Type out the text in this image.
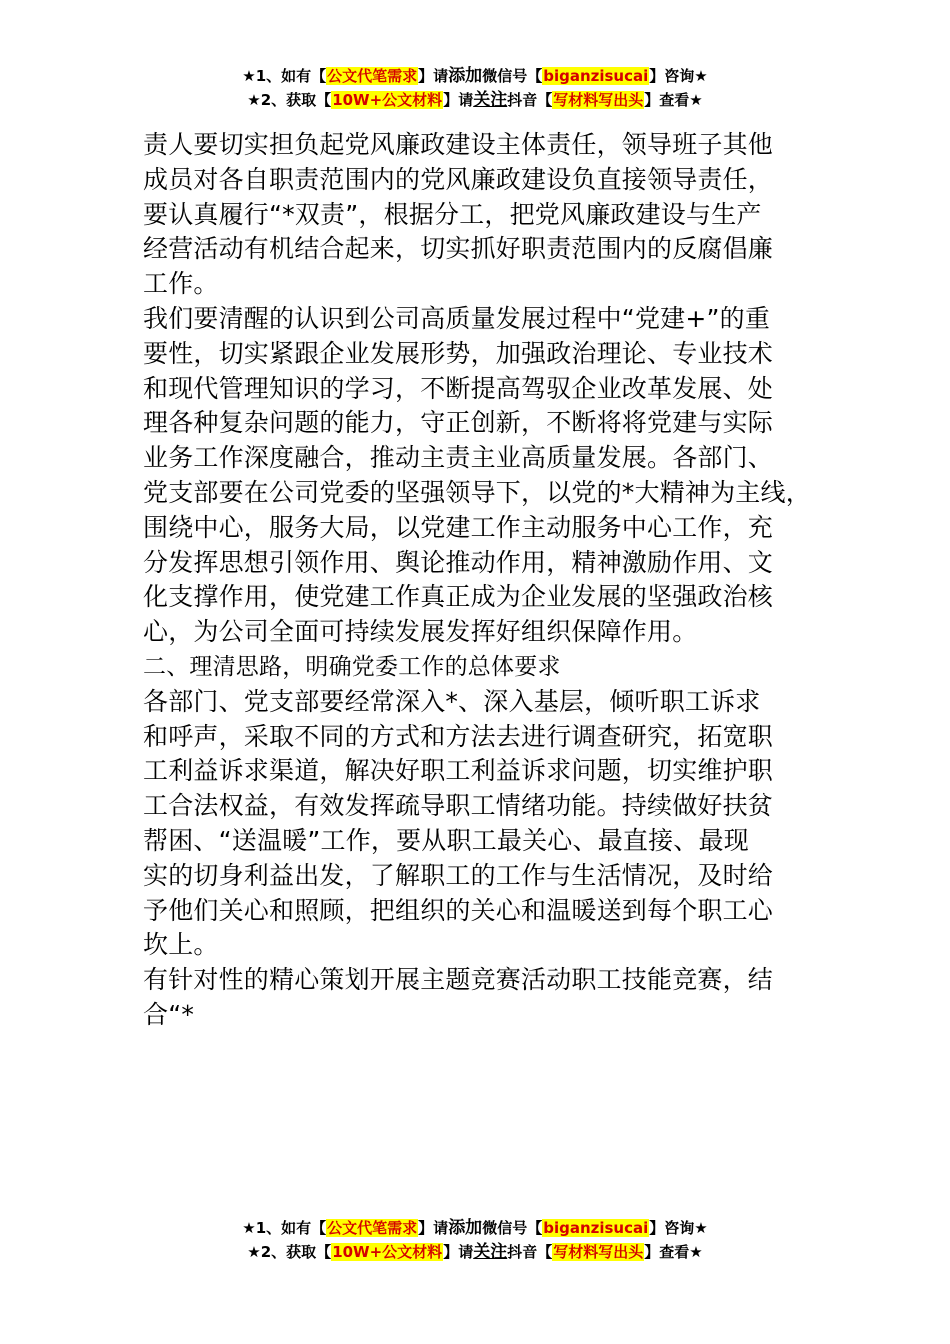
★1、如有【公文代笔需求】请添加微信号【biganzisucai】咨询★
★2、获取【10W+公文材料】请关注抖音【写材料写出头】查看★
责人要切实担负起党风廉政建设主体责任，领导班子其他
成员对各自职责范围内的党风廉政建设负直接领导责任，
要认真履行“*双责”，根据分工，把党风廉政建设与生产
经营活动有机结合起来，切实抓好职责范围内的反腐倡廉
工作。
我们要清醒的认识到公司高质量发展过程中“党建+”的重
要性，切实紧跟企业发展形势，加强政治理论、专业技术
和现代管理知识的学习，不断提高驾驭企业改革发展、处
理各种复杂问题的能力，守正创新，不断将将党建与实际
业务工作深度融合，推动主责主业高质量发展。各部门、
党支部要在公司党委的坚强领导下，以党的*大精神为主线，
围绕中心，服务大局，以党建工作主动服务中心工作，充
分发挥思想引领作用、舆论推动作用，精神激励作用、文
化支撑作用，使党建工作真正成为企业发展的坚强政治核
心，为公司全面可持续发展发挥好组织保障作用。
二、理清思路，明确党委工作的总体要求
各部门、党支部要经常深入*、深入基层，倾听职工诉求
和呼声，采取不同的方式和方法去进行调查研究，拓宽职
工利益诉求渠道，解决好职工利益诉求问题，切实维护职
工合法权益，有效发挥疏导职工情绪功能。持续做好扶贫
帮困、“送温暖”工作，要从职工最关心、最直接、最现
实的切身利益出发，了解职工的工作与生活情况，及时给
予他们关心和照顾，把组织的关心和温暖送到每个职工心
坎上。
有针对性的精心策划开展主题竞赛活动职工技能竞赛，结
合“*
★1、如有【公文代笔需求】请添加微信号【biganzisucai】咨询★
★2、获取【10W+公文材料】请关注抖音【写材料写出头】查看★
